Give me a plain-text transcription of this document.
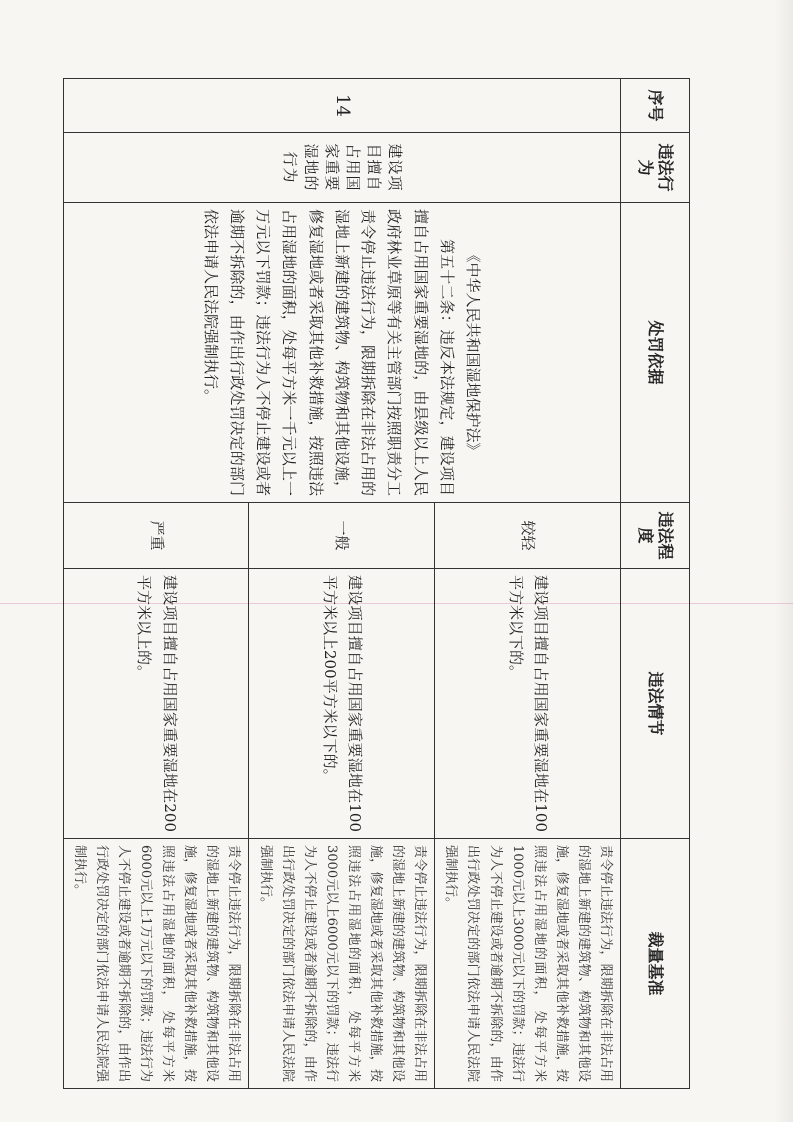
序号	违法行为	处罚依据	违法程度	违法情节	裁量基准
14	建设项目擅自占用国家重要湿地的行为	《中华人民共和国湿地保护法》
第五十二条：违反本法规定，建设项目擅自占用国家重要湿地的，由县级以上人民政府林业草原等有关主管部门按照职责分工责令停止违法行为，限期拆除在非法占用的湿地上新建的建筑物、构筑物和其他设施，修复湿地或者采取其他补救措施，按照违法占用湿地的面积，处每平方米一千元以上一万元以下罚款；违法行为人不停止建设或者逾期不拆除的，由作出行政处罚决定的部门依法申请人民法院强制执行。	较轻	建设项目擅自占用国家重要湿地在100平方米以下的。	责令停止违法行为，限期拆除在非法占用的湿地上新建的建筑物、构筑物和其他设施，修复湿地或者采取其他补救措施，按照违法占用湿地的面积， 处每平方米1000元以上3000元以下的罚款；违法行为人不停止建设或者逾期不拆除的，由作出行政处罚决定的部门依法申请人民法院强制执行。
			一般	建设项目擅自占用国家重要湿地在100平方米以上200平方米以下的。	责令停止违法行为，限期拆除在非法占用的湿地上新建的建筑物、构筑物和其他设施，修复湿地或者采取其他补救措施，按照违法占用湿地的面积， 处每平方米3000元以上6000元以下的罚款；违法行为人不停止建设或者逾期不拆除的，由作出行政处罚决定的部门依法申请人民法院强制执行。
			严重	建设项目擅自占用国家重要湿地在200平方米以上的。	责令停止违法行为，限期拆除在非法占用的湿地上新建的建筑物、构筑物和其他设施，修复湿地或者采取其他补救措施，按照违法占用湿地的面积， 处每平方米6000元以上1万元以下的罚款；违法行为人不停止建设或者逾期不拆除的，由作出行政处罚决定的部门依法申请人民法院强制执行。
